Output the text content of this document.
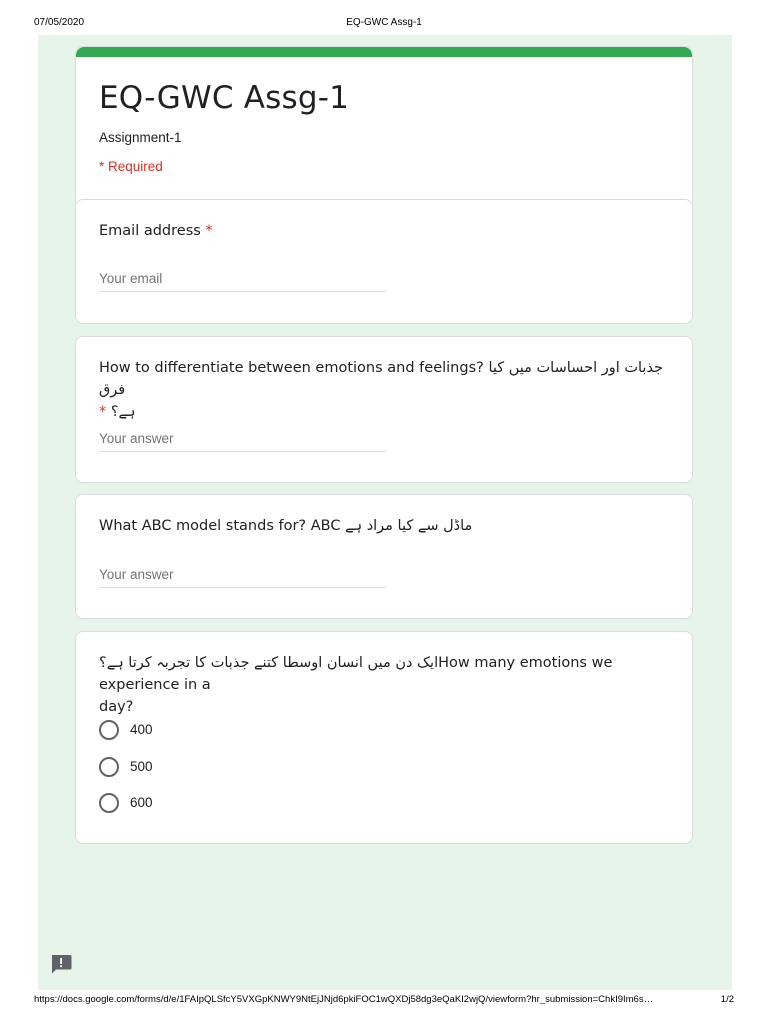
07/05/2020	EQ-GWC Assg-1
EQ-GWC Assg-1
Assignment-1
* Required
Email address *
Your email
How to differentiate between emotions and feelings? جذبات اور احساسات میں کیا فرق
ہے؟ *
Your answer
What ABC model stands for? ABC ماڈل سے کیا مراد ہے
Your answer
ایک دن میں انسان اوسطا کتنے جذبات کا تجربہ کرتا ہے؟How many emotions we experience in a
day?
400
500
600
https://docs.google.com/forms/d/e/1FAIpQLSfcY5VXGpKNWY9NtEjJNjd6pkiFOC1wQXDj58dg3eQaKI2wjQ/viewform?hr_submission=ChkI9Im6s…	1/2
